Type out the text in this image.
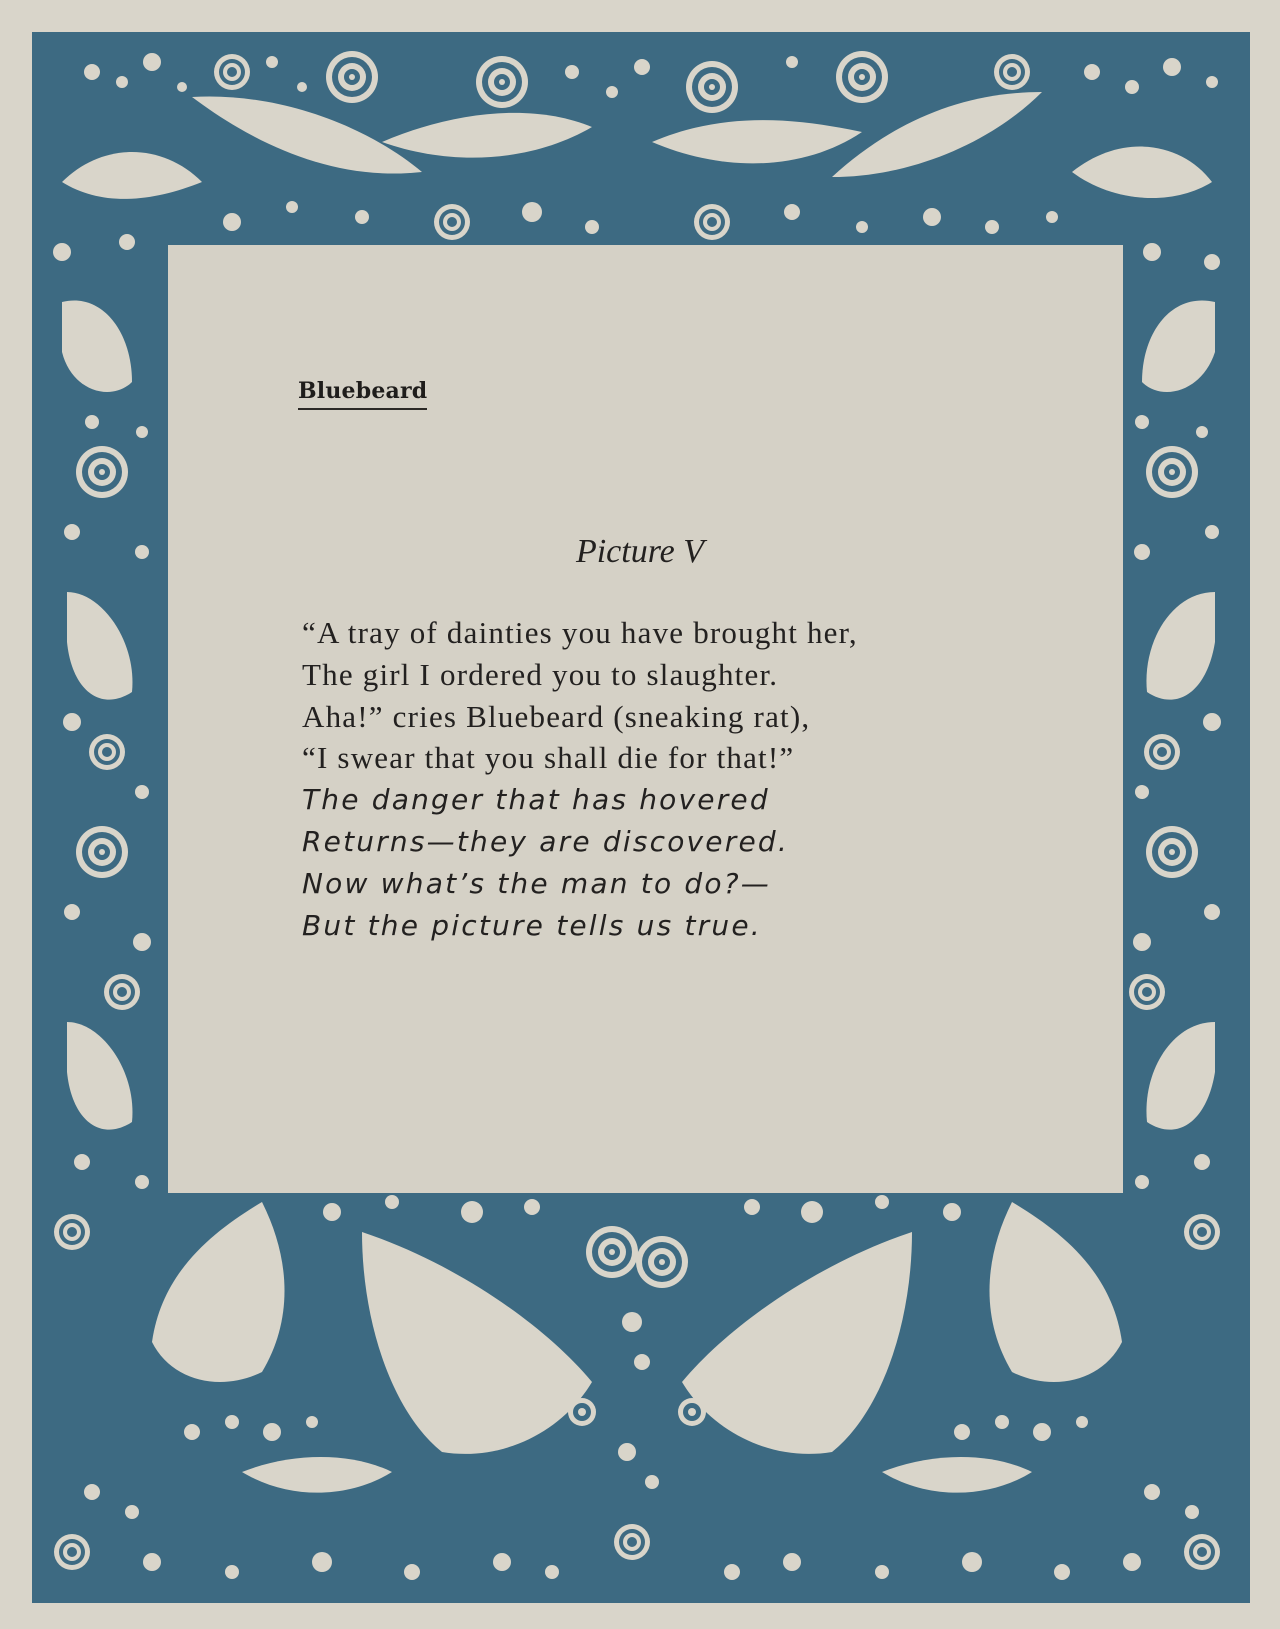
Bluebeard
Picture V
“A tray of dainties you have brought her,
The girl I ordered you to slaughter.
Aha!” cries Bluebeard (sneaking rat),
“I swear that you shall die for that!”
The danger that has hovered
Returns—they are discovered.
Now what’s the man to do?—
But the picture tells us true.
